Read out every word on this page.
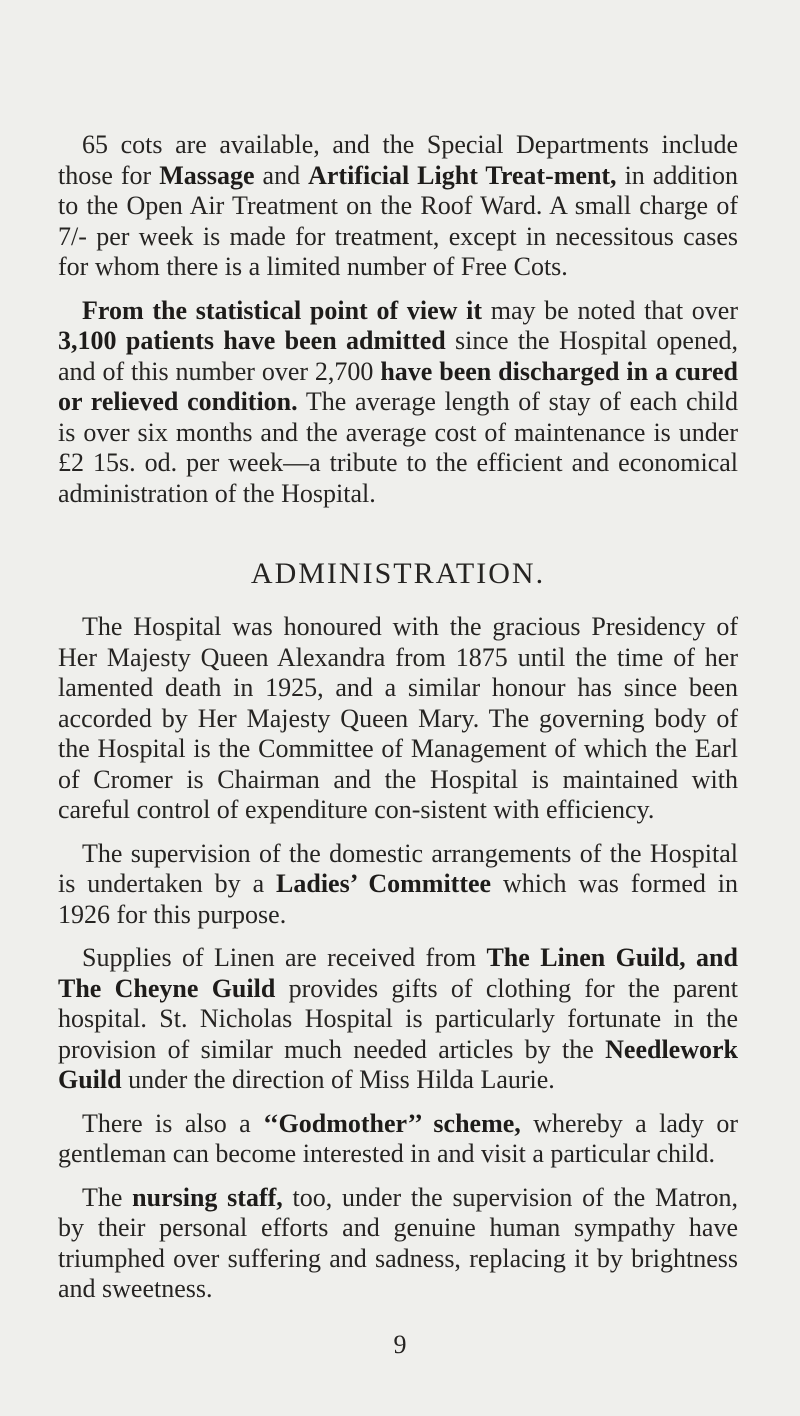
65 cots are available, and the Special Departments include those for Massage and Artificial Light Treat-ment, in addition to the Open Air Treatment on the Roof Ward. A small charge of 7/- per week is made for treatment, except in necessitous cases for whom there is a limited number of Free Cots.

From the statistical point of view it may be noted that over 3,100 patients have been admitted since the Hospital opened, and of this number over 2,700 have been discharged in a cured or relieved condition. The average length of stay of each child is over six months and the average cost of maintenance is under £2 15s. od. per week—a tribute to the efficient and economical administration of the Hospital.

ADMINISTRATION.

The Hospital was honoured with the gracious Presidency of Her Majesty Queen Alexandra from 1875 until the time of her lamented death in 1925, and a similar honour has since been accorded by Her Majesty Queen Mary. The governing body of the Hospital is the Committee of Management of which the Earl of Cromer is Chairman and the Hospital is maintained with careful control of expenditure con-sistent with efficiency.

The supervision of the domestic arrangements of the Hospital is undertaken by a Ladies’ Committee which was formed in 1926 for this purpose.

Supplies of Linen are received from The Linen Guild, and The Cheyne Guild provides gifts of clothing for the parent hospital. St. Nicholas Hospital is particularly fortunate in the provision of similar much needed articles by the Needlework Guild under the direction of Miss Hilda Laurie.

There is also a ‘‘Godmother’’ scheme, whereby a lady or gentleman can become interested in and visit a particular child.

The nursing staff, too, under the supervision of the Matron, by their personal efforts and genuine human sympathy have triumphed over suffering and sadness, replacing it by brightness and sweetness.

9
